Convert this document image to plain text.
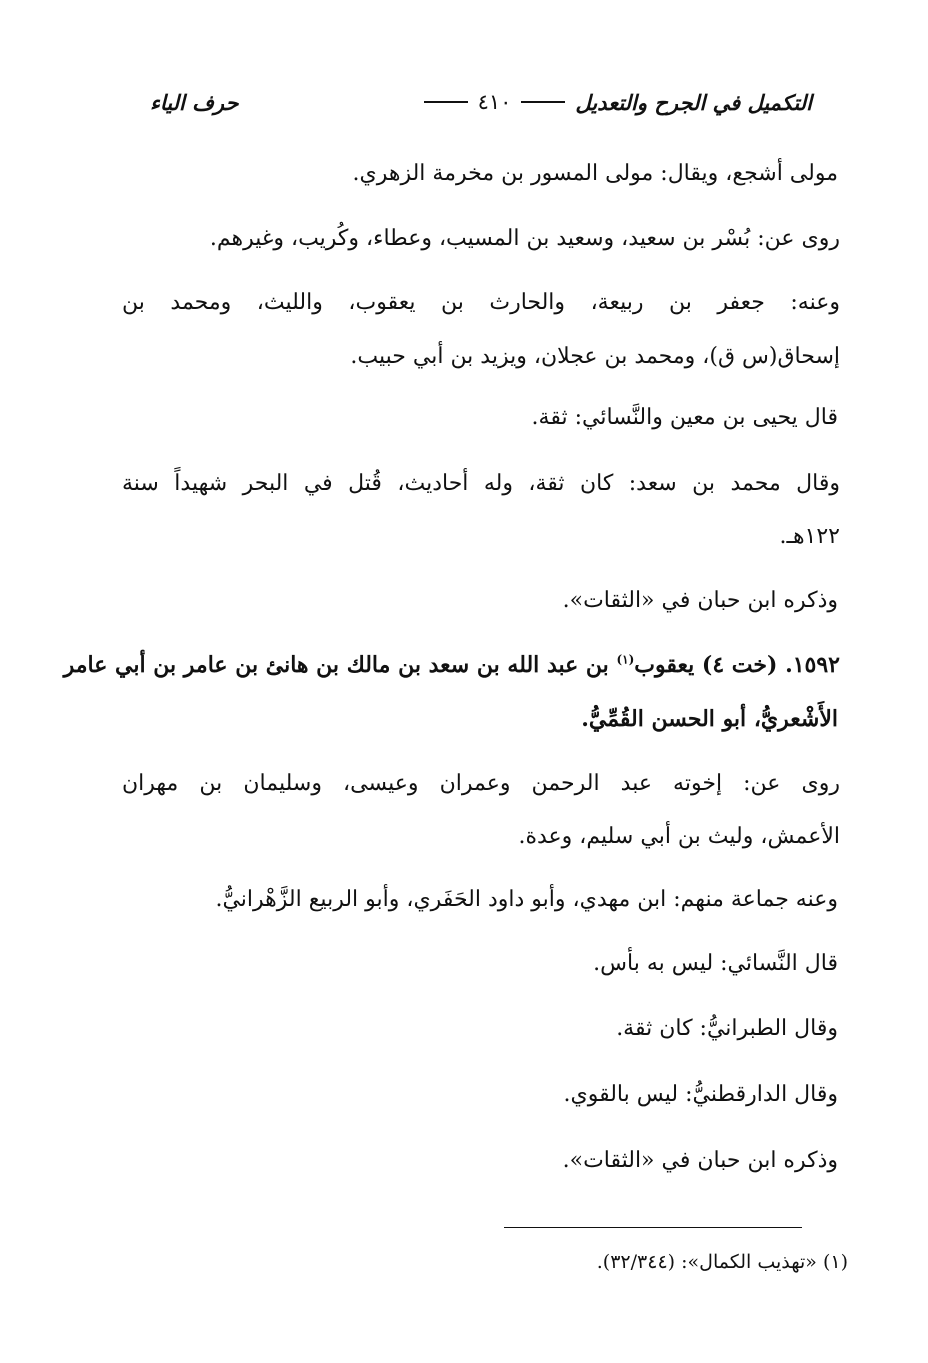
التكميل في الجرح والتعديل
٤١٠
حرف الياء
مولى أشجع، ويقال: مولى المسور بن مخرمة الزهري.
روى عن: بُسْر بن سعيد، وسعيد بن المسيب، وعطاء، وكُريب، وغيرهم.
وعنه: جعفر بن ربيعة، والحارث بن يعقوب، والليث، ومحمد بن
إسحاق(س ق)، ومحمد بن عجلان، ويزيد بن أبي حبيب.
قال يحيى بن معين والنَّسائي: ثقة.
وقال محمد بن سعد: كان ثقة، وله أحاديث، قُتل في البحر شهيداً سنة
١٢٢هـ.
وذكره ابن حبان في «الثقات».
١٥٩٢. (خت ٤) يعقوب$^{(١)}$ بن عبد الله بن سعد بن مالك بن هانئ بن عامر بن أبي عامر
الأَشْعريُّ، أبو الحسن القُمِّيُّ.
روى عن: إخوته عبد الرحمن وعمران وعيسى، وسليمان بن مهران
الأعمش، وليث بن أبي سليم، وعدة.
وعنه جماعة منهم: ابن مهدي، وأبو داود الحَفَري، وأبو الربيع الزَّهْرانيُّ.
قال النَّسائي: ليس به بأس.
وقال الطبرانيُّ: كان ثقة.
وقال الدارقطنيُّ: ليس بالقوي.
وذكره ابن حبان في «الثقات».
(١) «تهذيب الكمال»: (٣٢/٣٤٤).
